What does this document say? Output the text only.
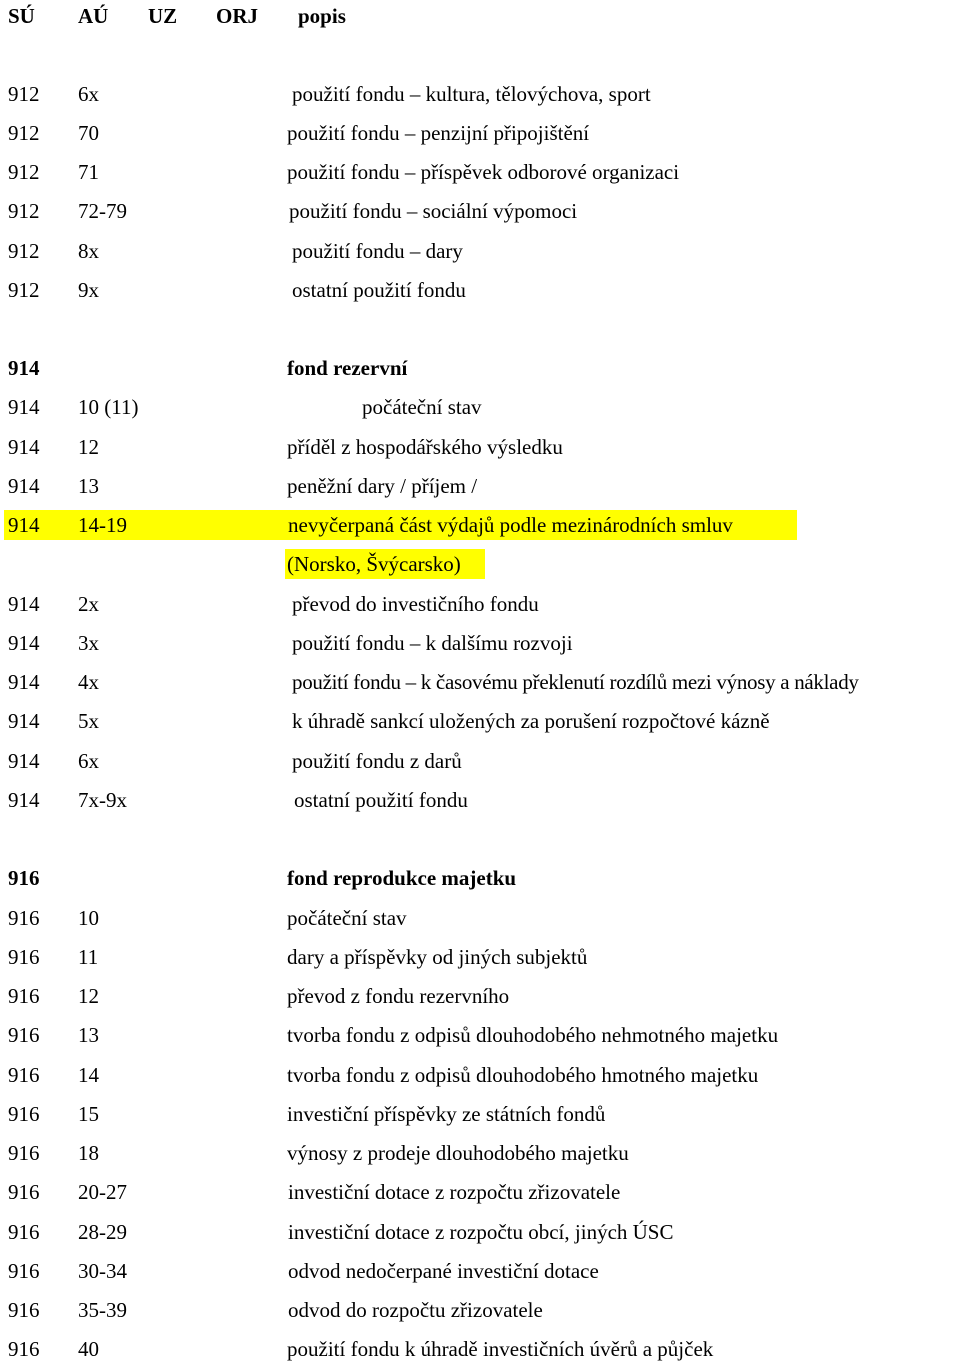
SÚ AÚ UZ ORJ popis
912 6x	použití fondu – kultura, tělovýchova, sport
912 70	použití fondu – penzijní připojištění
912 71	použití fondu – příspěvek odborové organizaci
912 72-79	použití fondu – sociální výpomoci
912 8x	použití fondu – dary
912 9x	ostatní použití fondu
914	fond rezervní
914 10 (11)	počáteční stav
914 12	příděl z hospodářského výsledku
914 13	peněžní dary / příjem /
914 14-19	nevyčerpaná část výdajů podle mezinárodních smluv
(Norsko, Švýcarsko)
914 2x	převod do investičního fondu
914 3x	použití fondu – k dalšímu rozvoji
914 4x	použití fondu – k časovému překlenutí rozdílů mezi výnosy a náklady
914 5x	k úhradě sankcí uložených za porušení rozpočtové kázně
914 6x	použití fondu z darů
914 7x-9x	ostatní použití fondu
916	fond reprodukce majetku
916 10	počáteční stav
916 11	dary a příspěvky od jiných subjektů
916 12	převod z fondu rezervního
916 13	tvorba fondu z odpisů dlouhodobého nehmotného majetku
916 14	tvorba fondu z odpisů dlouhodobého hmotného majetku
916 15	investiční příspěvky ze státních fondů
916 18	výnosy z prodeje dlouhodobého majetku
916 20-27	investiční dotace z rozpočtu zřizovatele
916 28-29	investiční dotace z rozpočtu obcí, jiných ÚSC
916 30-34	odvod nedočerpané investiční dotace
916 35-39	odvod do rozpočtu zřizovatele
916 40	použití fondu k úhradě investičních úvěrů a půjček
